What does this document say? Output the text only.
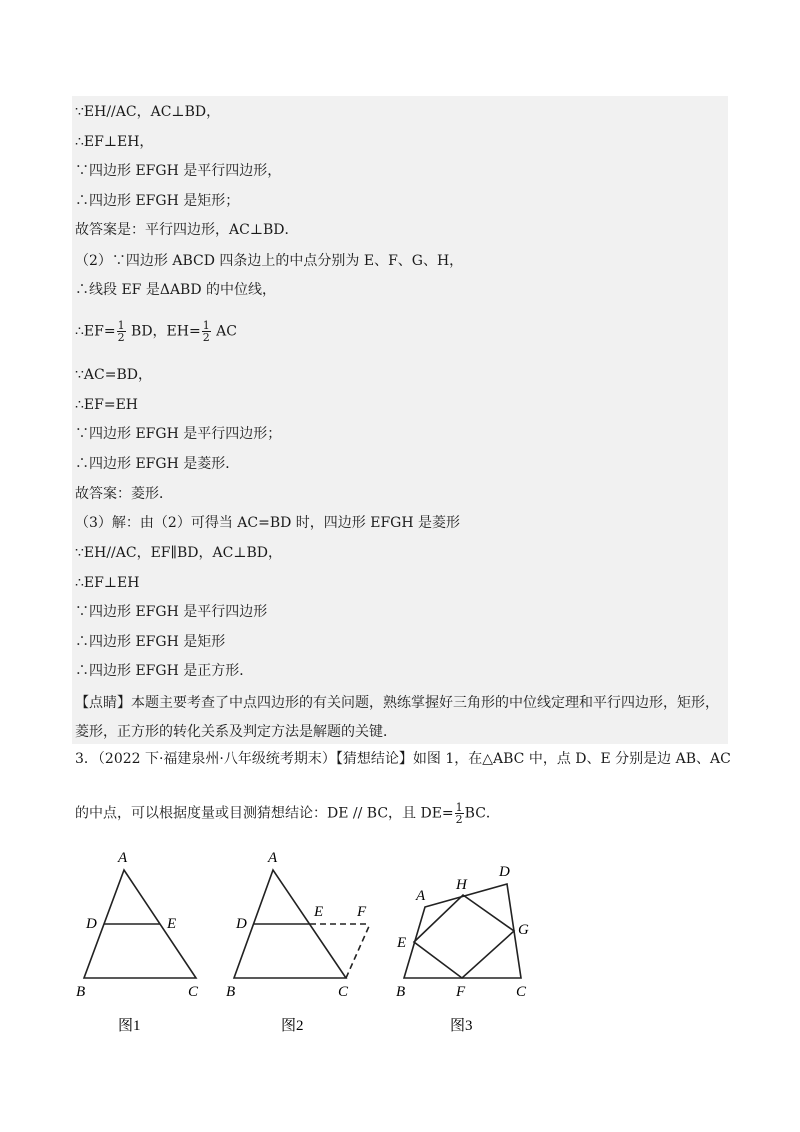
∵EH//AC，AC⊥BD，
∴EF⊥EH，
∵四边形 EFGH 是平行四边形，
∴四边形 EFGH 是矩形；
故答案是：平行四边形，AC⊥BD．
（2）∵四边形 ABCD 四条边上的中点分别为 E、F、G、H，
∴线段 EF 是ΔABD 的中位线，
∴EF= $\frac{1}{2}$ BD，$EH= \frac{1}{2}$ AC
∵AC=BD，
∴EF=EH
∵四边形 EFGH 是平行四边形；
∴四边形 EFGH 是菱形．
故答案：菱形．
（3）解：由（2）可得当 AC=BD 时，四边形 EFGH 是菱形
∵EH//AC，EF∥BD，AC⊥BD，
∴EF⊥EH
∵四边形 EFGH 是平行四边形
∴四边形 EFGH 是矩形
∴四边形 EFGH 是正方形．
【点睛】本题主要考查了中点四边形的有关问题，熟练掌握好三角形的中位线定理和平行四边形，矩形，
菱形，正方形的转化关系及判定方法是解题的关键．
3．（2022 下·福建泉州·八年级统考期末）【猜想结论】如图 1，在△ABC 中，点 D、E 分别是边 AB、AC
的中点，可以根据度量或目测猜想结论：DE // BC，且 $DE= \frac{1}{2}$ BC．
A
D	E
B	C
图1
A
D
E F
B	C
图2
A
H
D
E
G
B	F	C
图3
